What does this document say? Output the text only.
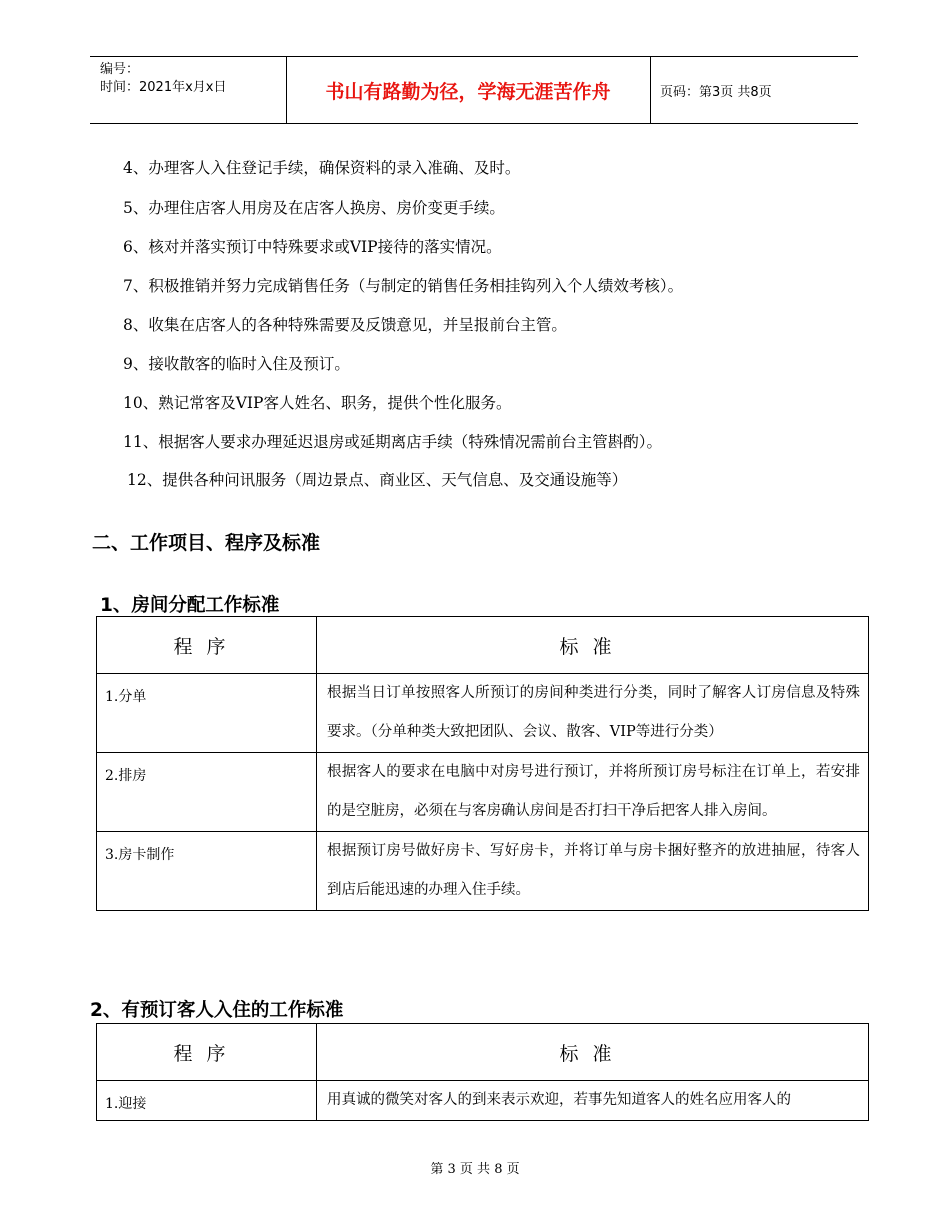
编号：
时间：2021年x月x日	书山有路勤为径，学海无涯苦作舟	页码：第3页 共8页
4、办理客人入住登记手续，确保资料的录入准确、及时。
5、办理住店客人用房及在店客人换房、房价变更手续。
6、核对并落实预订中特殊要求或VIP接待的落实情况。
7、积极推销并努力完成销售任务（与制定的销售任务相挂钩列入个人绩效考核）。
8、收集在店客人的各种特殊需要及反馈意见，并呈报前台主管。
9、接收散客的临时入住及预订。
10、熟记常客及VIP客人姓名、职务，提供个性化服务。
11、根据客人要求办理延迟退房或延期离店手续（特殊情况需前台主管斟酌）。
12、提供各种问讯服务（周边景点、商业区、天气信息、及交通设施等）
二、工作项目、程序及标准
1、房间分配工作标准
程序	标准
1.分单	根据当日订单按照客人所预订的房间种类进行分类，同时了解客人订房信息及特殊要求。（分单种类大致把团队、会议、散客、VIP等进行分类）
2.排房	根据客人的要求在电脑中对房号进行预订，并将所预订房号标注在订单上，若安排的是空脏房，必须在与客房确认房间是否打扫干净后把客人排入房间。
3.房卡制作	根据预订房号做好房卡、写好房卡，并将订单与房卡捆好整齐的放进抽屉，待客人到店后能迅速的办理入住手续。
2、有预订客人入住的工作标准
程序	标准
1.迎接	用真诚的微笑对客人的到来表示欢迎，若事先知道客人的姓名应用客人的
第 3 页 共 8 页
